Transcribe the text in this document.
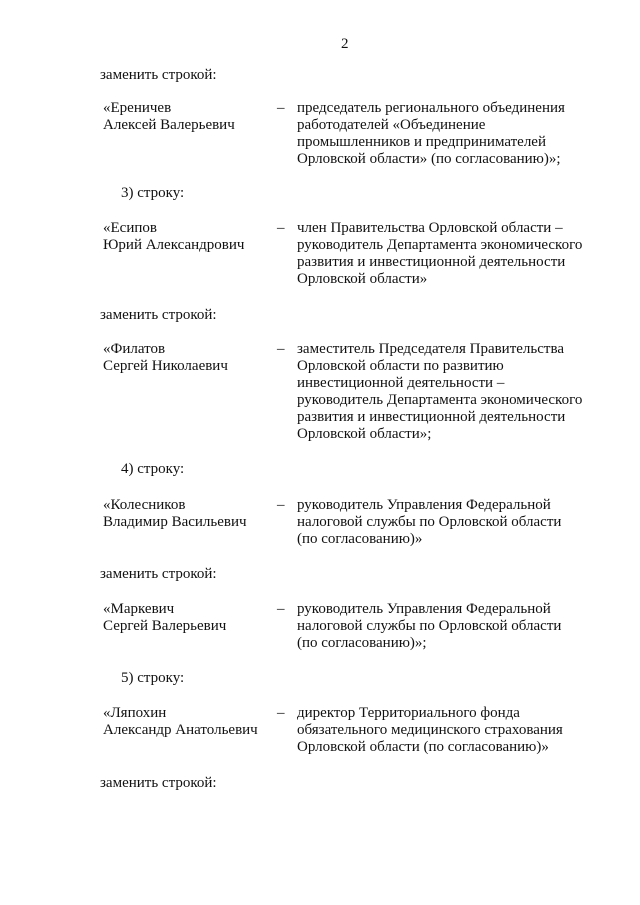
2
заменить строкой:
«Ереничев
Алексей Валерьевич
– председатель регионального объединения
работодателей «Объединение
промышленников и предпринимателей
Орловской области» (по согласованию)»;
3) строку:
«Есипов
Юрий Александрович
– член Правительства Орловской области –
руководитель Департамента экономического
развития и инвестиционной деятельности
Орловской области»
заменить строкой:
«Филатов
Сергей Николаевич
– заместитель Председателя Правительства
Орловской области по развитию
инвестиционной деятельности –
руководитель Департамента экономического
развития и инвестиционной деятельности
Орловской области»;
4) строку:
«Колесников
Владимир Васильевич
– руководитель Управления Федеральной
налоговой службы по Орловской области
(по согласованию)»
заменить строкой:
«Маркевич
Сергей Валерьевич
– руководитель Управления Федеральной
налоговой службы по Орловской области
(по согласованию)»;
5) строку:
«Ляпохин
Александр Анатольевич
– директор Территориального фонда
обязательного медицинского страхования
Орловской области (по согласованию)»
заменить строкой:
